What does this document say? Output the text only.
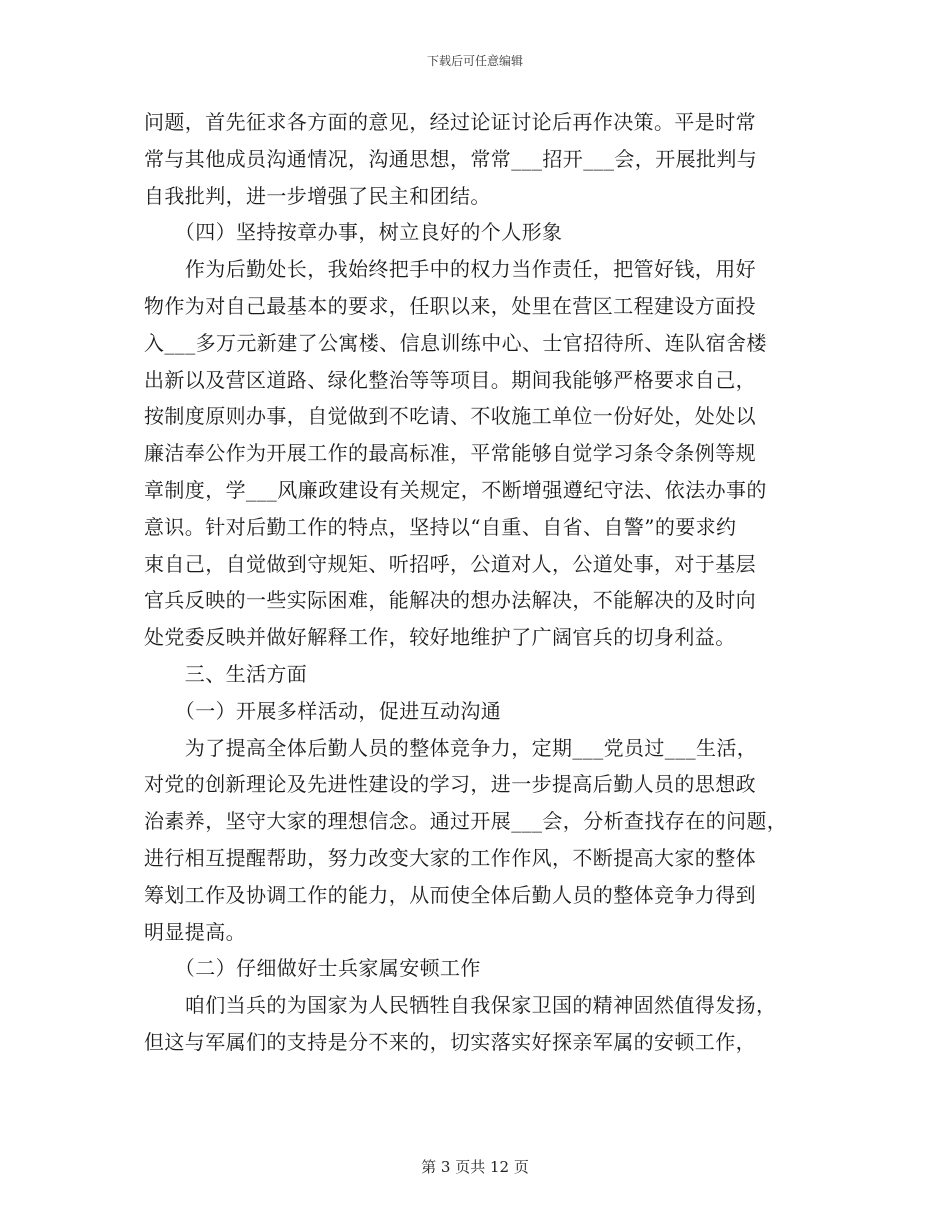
下载后可任意编辑
问题，首先征求各方面的意见，经过论证讨论后再作决策。平是时常
常与其他成员沟通情况，沟通思想，常常___招开___会，开展批判与
自我批判，进一步增强了民主和团结。
　　（四）坚持按章办事，树立良好的个人形象
　　作为后勤处长，我始终把手中的权力当作责任，把管好钱，用好
物作为对自己最基本的要求，任职以来，处里在营区工程建设方面投
入___多万元新建了公寓楼、信息训练中心、士官招待所、连队宿舍楼
出新以及营区道路、绿化整治等等项目。期间我能够严格要求自己，
按制度原则办事，自觉做到不吃请、不收施工单位一份好处，处处以
廉洁奉公作为开展工作的最高标准，平常能够自觉学习条令条例等规
章制度，学___风廉政建设有关规定，不断增强遵纪守法、依法办事的
意识。针对后勤工作的特点，坚持以“自重、自省、自警”的要求约
束自己，自觉做到守规矩、听招呼，公道对人，公道处事，对于基层
官兵反映的一些实际困难，能解决的想办法解决，不能解决的及时向
处党委反映并做好解释工作，较好地维护了广阔官兵的切身利益。
　　三、生活方面
　　（一）开展多样活动，促进互动沟通
　　为了提高全体后勤人员的整体竞争力，定期___党员过___生活，
对党的创新理论及先进性建设的学习，进一步提高后勤人员的思想政
治素养，坚守大家的理想信念。通过开展___会，分析查找存在的问题，
进行相互提醒帮助，努力改变大家的工作作风，不断提高大家的整体
筹划工作及协调工作的能力，从而使全体后勤人员的整体竞争力得到
明显提高。
　　（二）仔细做好士兵家属安顿工作
　　咱们当兵的为国家为人民牺牲自我保家卫国的精神固然值得发扬，
但这与军属们的支持是分不来的，切实落实好探亲军属的安顿工作，
第 3 页共 12 页
